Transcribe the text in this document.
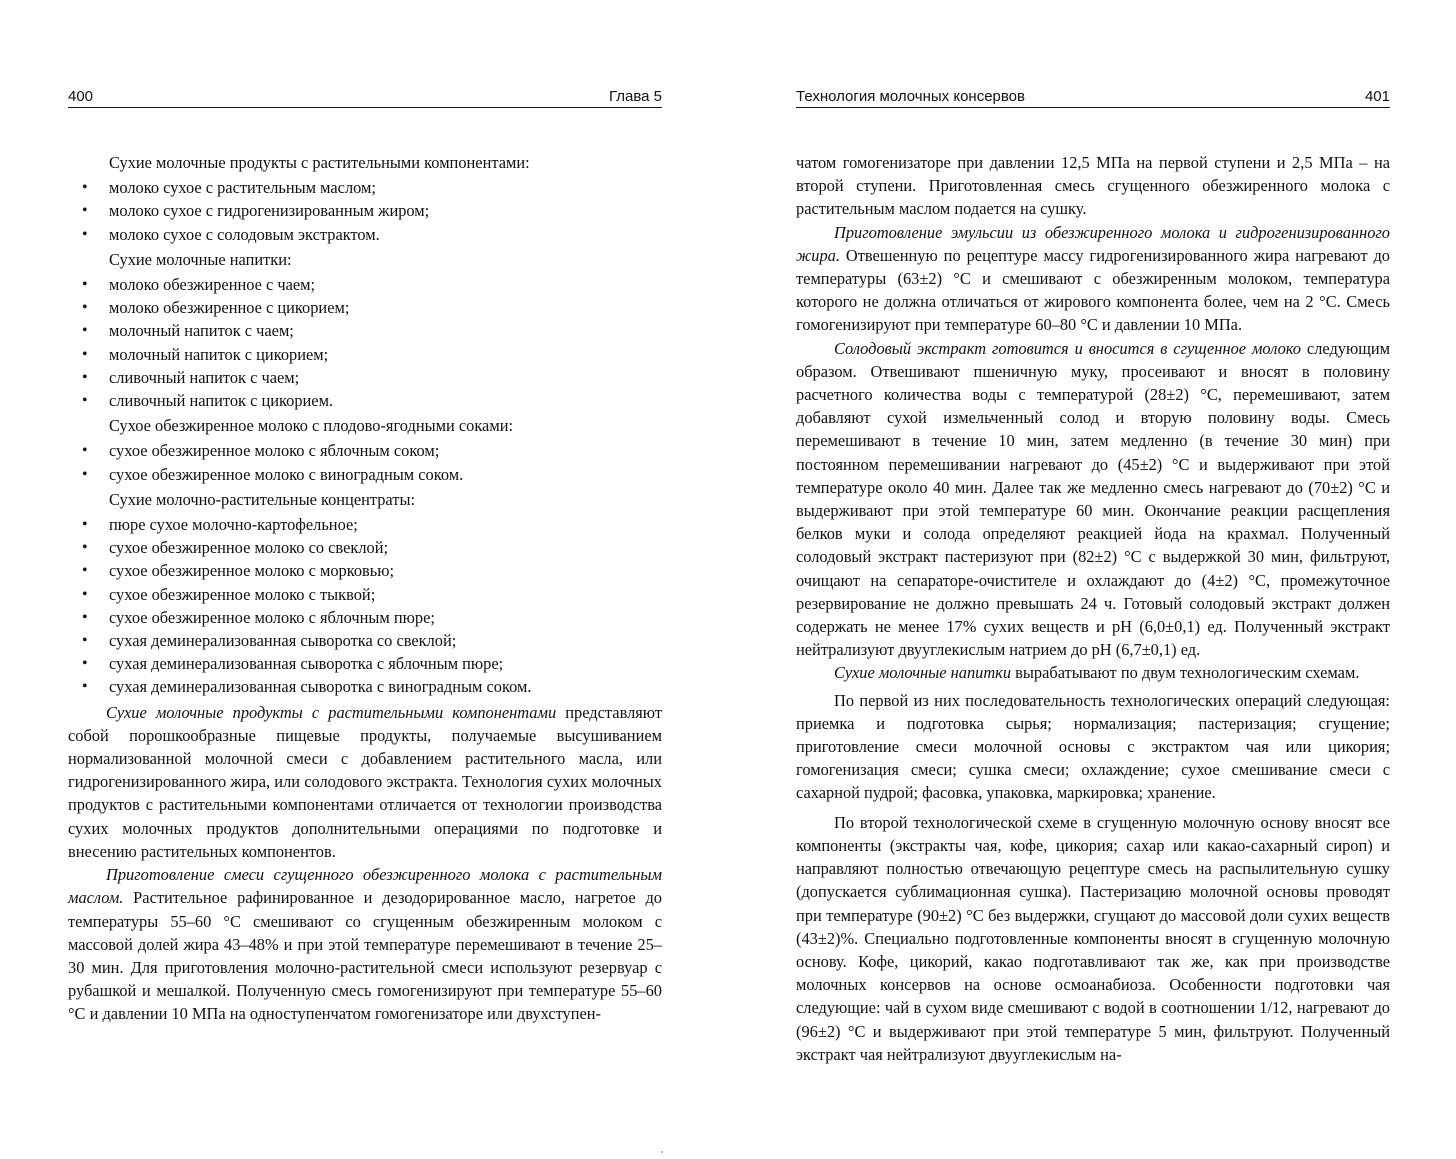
400	Глава 5

Сухие молочные продукты с растительными компонентами:

• молоко сухое с растительным маслом;
• молоко сухое с гидрогенизированным жиром;
• молоко сухое с солодовым экстрактом.

Сухие молочные напитки:

• молоко обезжиренное с чаем;
• молоко обезжиренное с цикорием;
• молочный напиток с чаем;
• молочный напиток с цикорием;
• сливочный напиток с чаем;
• сливочный напиток с цикорием.

Сухое обезжиренное молоко с плодово-ягодными соками:

• сухое обезжиренное молоко с яблочным соком;
• сухое обезжиренное молоко с виноградным соком.

Сухие молочно-растительные концентраты:

• пюре сухое молочно-картофельное;
• сухое обезжиренное молоко со свеклой;
• сухое обезжиренное молоко с морковью;
• сухое обезжиренное молоко с тыквой;
• сухое обезжиренное молоко с яблочным пюре;
• сухая деминерализованная сыворотка со свеклой;
• сухая деминерализованная сыворотка с яблочным пюре;
• сухая деминерализованная сыворотка с виноградным соком.

Сухие молочные продукты с растительными компонентами представляют собой порошкообразные пищевые продукты, получаемые высушиванием нормализованной молочной смеси с добавлением растительного масла, или гидрогенизированного жира, или солодового экстракта. Технология сухих молочных продуктов с растительными компонентами отличается от технологии производства сухих молочных продуктов дополнительными операциями по подготовке и внесению растительных компонентов.

Приготовление смеси сгущенного обезжиренного молока с растительным маслом. Растительное рафинированное и дезодорированное масло, нагретое до температуры 55–60 °С смешивают со сгущенным обезжиренным молоком с массовой долей жира 43–48% и при этой температуре перемешивают в течение 25–30 мин. Для приготовления молочно-растительной смеси используют резервуар с рубашкой и мешалкой. Полученную смесь гомогенизируют при температуре 55–60 °С и давлении 10 МПа на одноступенчатом гомогенизаторе или двухступен-

Технология молочных консервов	401

чатом гомогенизаторе при давлении 12,5 МПа на первой ступени и 2,5 МПа – на второй ступени. Приготовленная смесь сгущенного обезжиренного молока с растительным маслом подается на сушку.

Приготовление эмульсии из обезжиренного молока и гидрогенизированного жира. Отвешенную по рецептуре массу гидрогенизированного жира нагревают до температуры (63±2) °С и смешивают с обезжиренным молоком, температура которого не должна отличаться от жирового компонента более, чем на 2 °С. Смесь гомогенизируют при температуре 60–80 °С и давлении 10 МПа.

Солодовый экстракт готовится и вносится в сгущенное молоко следующим образом. Отвешивают пшеничную муку, просеивают и вносят в половину расчетного количества воды с температурой (28±2) °С, перемешивают, затем добавляют сухой измельченный солод и вторую половину воды. Смесь перемешивают в течение 10 мин, затем медленно (в течение 30 мин) при постоянном перемешивании нагревают до (45±2) °С и выдерживают при этой температуре около 40 мин. Далее так же медленно смесь нагревают до (70±2) °С и выдерживают при этой температуре 60 мин. Окончание реакции расщепления белков муки и солода определяют реакцией йода на крахмал. Полученный солодовый экстракт пастеризуют при (82±2) °С с выдержкой 30 мин, фильтруют, очищают на сепараторе-очистителе и охлаждают до (4±2) °С, промежуточное резервирование не должно превышать 24 ч. Готовый солодовый экстракт должен содержать не менее 17% сухих веществ и pH (6,0±0,1) ед. Полученный экстракт нейтрализуют двууглекислым натрием до pH (6,7±0,1) ед.

Сухие молочные напитки вырабатывают по двум технологическим схемам.

По первой из них последовательность технологических операций следующая: приемка и подготовка сырья; нормализация; пастеризация; сгущение; приготовление смеси молочной основы с экстрактом чая или цикория; гомогенизация смеси; сушка смеси; охлаждение; сухое смешивание смеси с сахарной пудрой; фасовка, упаковка, маркировка; хранение.

По второй технологической схеме в сгущенную молочную основу вносят все компоненты (экстракты чая, кофе, цикория; сахар или какао-сахарный сироп) и направляют полностью отвечающую рецептуре смесь на распылительную сушку (допускается сублимационная сушка). Пастеризацию молочной основы проводят при температуре (90±2) °С без выдержки, сгущают до массовой доли сухих веществ (43±2)%. Специально подготовленные компоненты вносят в сгущенную молочную основу. Кофе, цикорий, какао подготавливают так же, как при производстве молочных консервов на основе осмоанабиоза. Особенности подготовки чая следующие: чай в сухом виде смешивают с водой в соотношении 1/12, нагревают до (96±2) °С и выдерживают при этой температуре 5 мин, фильтруют. Полученный экстракт чая нейтрализуют двууглекислым на-
